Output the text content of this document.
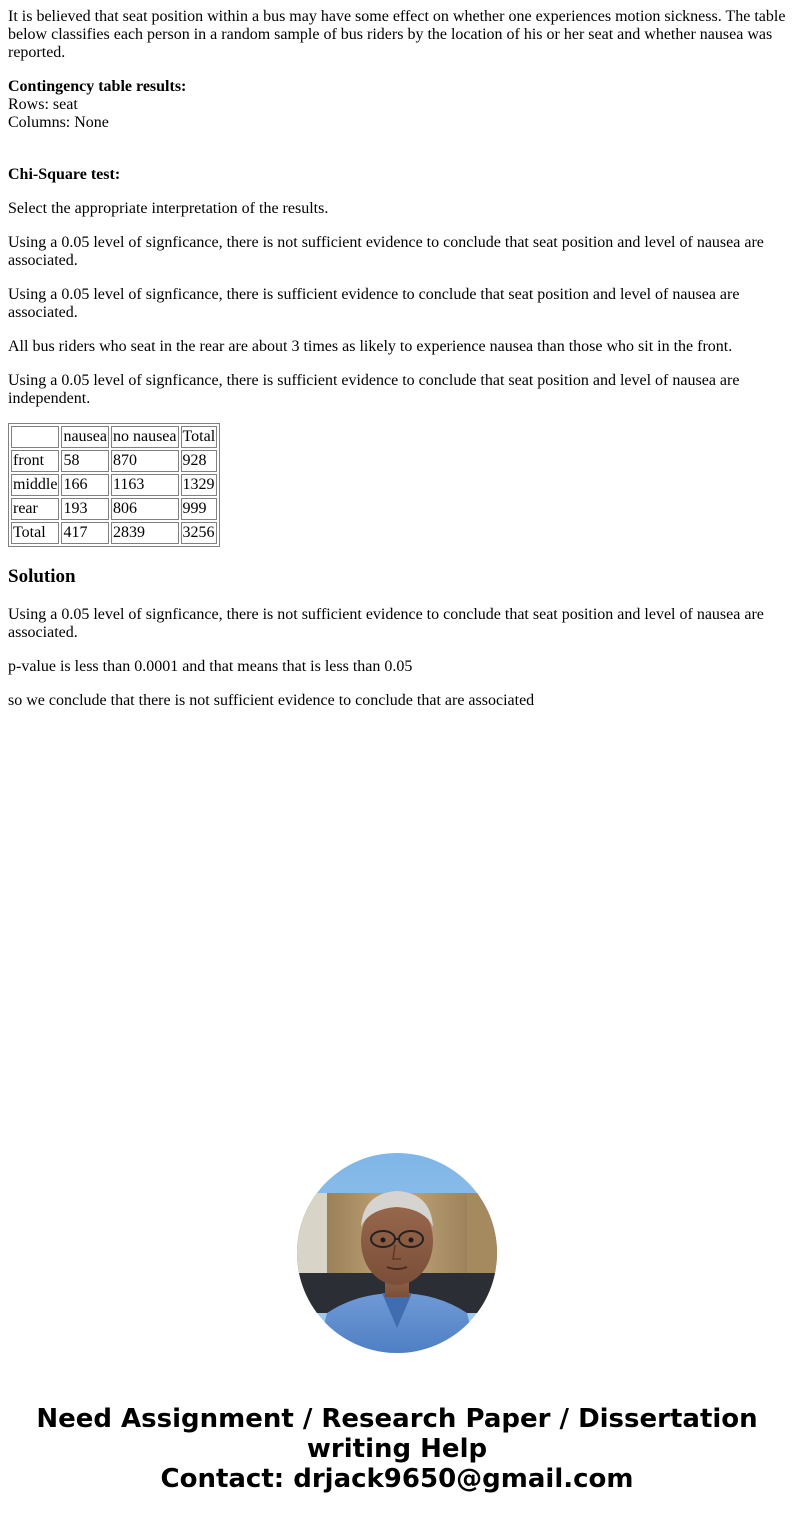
It is believed that seat position within a bus may have some effect on whether one experiences motion sickness. The table below classifies each person in a random sample of bus riders by the location of his or her seat and whether nausea was reported.

Contingency table results:
Rows: seat
Columns: None

Chi-Square test:

Select the appropriate interpretation of the results.

Using a 0.05 level of signficance, there is not sufficient evidence to conclude that seat position and level of nausea are associated.

Using a 0.05 level of signficance, there is sufficient evidence to conclude that seat position and level of nausea are associated.

All bus riders who seat in the rear are about 3 times as likely to experience nausea than those who sit in the front.

Using a 0.05 level of signficance, there is sufficient evidence to conclude that seat position and level of nausea are independent.

	nausea	no nausea	Total
front	58	870	928
middle	166	1163	1329
rear	193	806	999
Total	417	2839	3256
Solution

Using a 0.05 level of signficance, there is not sufficient evidence to conclude that seat position and level of nausea are associated.

p-value is less than 0.0001 and that means that is less than 0.05

so we conclude that there is not sufficient evidence to conclude that are associated

Need Assignment / Research Paper / Dissertation
writing Help
Contact: drjack9650@gmail.com
